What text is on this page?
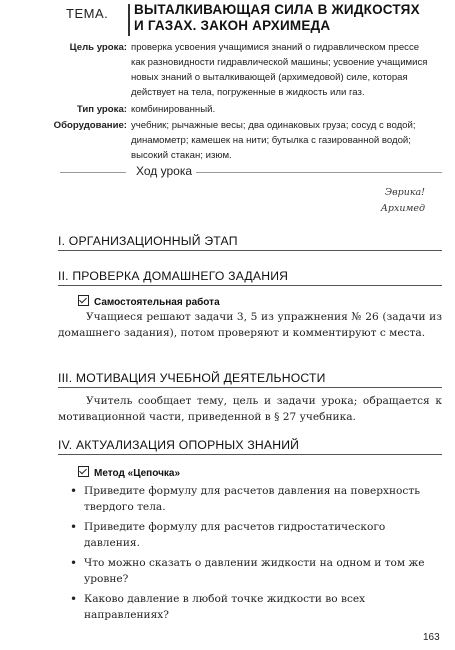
ТЕМА. ВЫТАЛКИВАЮЩАЯ СИЛА В ЖИДКОСТЯХ
И ГАЗАХ. ЗАКОН АРХИМЕДА
Цель урока: проверка усвоения учащимися знаний о гидравлическом прессе как разновидности гидравлической машины; усвоение учащимися новых знаний о выталкивающей (архимедовой) силе, которая действует на тела, погруженные в жидкость или газ.
Тип урока: комбинированный.
Оборудование: учебник; рычажные весы; два одинаковых груза; сосуд с водой; динамометр; камешек на нити; бутылка с газированной водой; высокий стакан; изюм.
Ход урока
Эврика!
Архимед
I. ОРГАНИЗАЦИОННЫЙ ЭТАП
II. ПРОВЕРКА ДОМАШНЕГО ЗАДАНИЯ
Самостоятельная работа

Учащиеся решают задачи 3, 5 из упражнения № 26 (задачи из домашнего задания), потом проверяют и комментируют с места.

III. МОТИВАЦИЯ УЧЕБНОЙ ДЕЯТЕЛЬНОСТИ

Учитель сообщает тему, цель и задачи урока; обращается к мотивационной части, приведенной в § 27 учебника.

IV. АКТУАЛИЗАЦИЯ ОПОРНЫХ ЗНАНИЙ
Метод «Цепочка»
• Приведите формулу для расчетов давления на поверхность твердого тела.
• Приведите формулу для расчетов гидростатического давления.
• Что можно сказать о давлении жидкости на одном и том же уровне?
• Каково давление в любой точке жидкости во всех направлениях?
163
